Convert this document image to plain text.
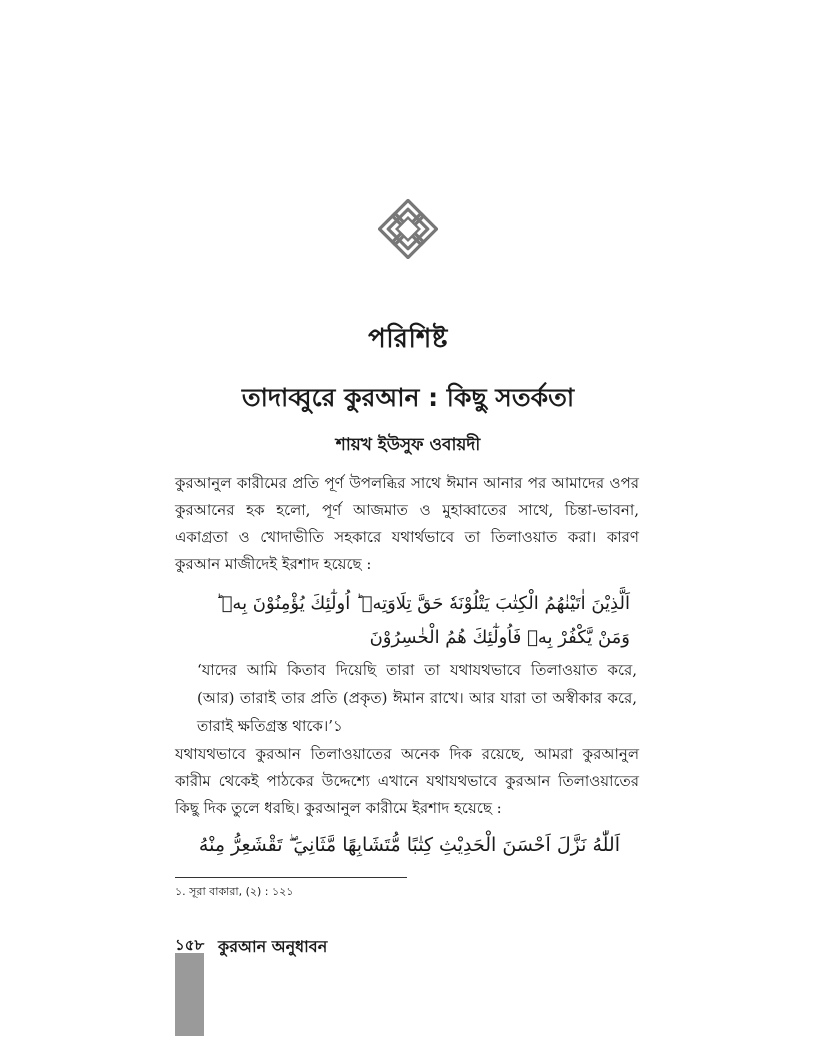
পরিশিষ্ট
তাদাব্বুরে কুরআন : কিছু সতর্কতা
শায়খ ইউসুফ ওবায়দী

কুরআনুল কারীমের প্রতি পূর্ণ উপলব্ধির সাথে ঈমান আনার পর আমাদের ওপর কুরআনের হক হলো, পূর্ণ আজমাত ও মুহাব্বাতের সাথে, চিন্তা-ভাবনা, একাগ্রতা ও খোদাভীতি সহকারে যথার্থভাবে তা তিলাওয়াত করা। কারণ কুরআন মাজীদেই ইরশাদ হয়েছে :

اَلَّذِيْنَ اٰتَيْنٰهُمُ الْكِتٰبَ يَتْلُوْنَهٗ حَقَّ تِلَاوَتِهٖ ؕ اُولٰٓئِكَ يُؤْمِنُوْنَ بِهٖ ؕ
وَمَنْ يَّكْفُرْ بِهٖ فَاُولٰٓئِكَ هُمُ الْخٰسِرُوْنَ

‘যাদের আমি কিতাব দিয়েছি তারা তা যথাযথভাবে তিলাওয়াত করে, (আর) তারাই তার প্রতি (প্রকৃত) ঈমান রাখে। আর যারা তা অস্বীকার করে, তারাই ক্ষতিগ্রস্ত থাকে।’১

যথাযথভাবে কুরআন তিলাওয়াতের অনেক দিক রয়েছে, আমরা কুরআনুল কারীম থেকেই পাঠকের উদ্দেশ্যে এখানে যথাযথভাবে কুরআন তিলাওয়াতের কিছু দিক তুলে ধরছি। কুরআনুল কারীমে ইরশাদ হয়েছে :

اَللّٰهُ نَزَّلَ اَحْسَنَ الْحَدِيْثِ كِتٰبًا مُّتَشَابِهًا مَّثَانِيَ ۖ تَقْشَعِرُّ مِنْهُ
১. সূরা বাকারা, (২) : ১২১
১৫৮ কুরআন অনুধাবন
